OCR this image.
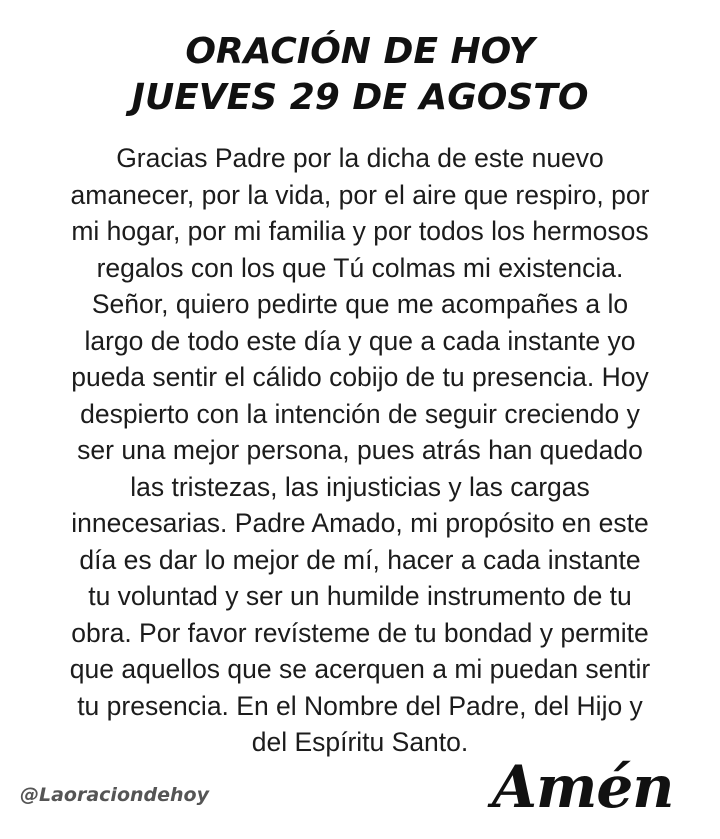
ORACIÓN DE HOY
JUEVES 29 DE AGOSTO
Gracias Padre por la dicha de este nuevo
amanecer, por la vida, por el aire que respiro, por
mi hogar, por mi familia y por todos los hermosos
regalos con los que Tú colmas mi existencia.
Señor, quiero pedirte que me acompañes a lo
largo de todo este día y que a cada instante yo
pueda sentir el cálido cobijo de tu presencia. Hoy
despierto con la intención de seguir creciendo y
ser una mejor persona, pues atrás han quedado
las tristezas, las injusticias y las cargas
innecesarias. Padre Amado, mi propósito en este
día es dar lo mejor de mí, hacer a cada instante
tu voluntad y ser un humilde instrumento de tu
obra. Por favor revísteme de tu bondad y permite
que aquellos que se acerquen a mi puedan sentir
tu presencia. En el Nombre del Padre, del Hijo y
del Espíritu Santo.
@Laoraciondehoy	Amén
